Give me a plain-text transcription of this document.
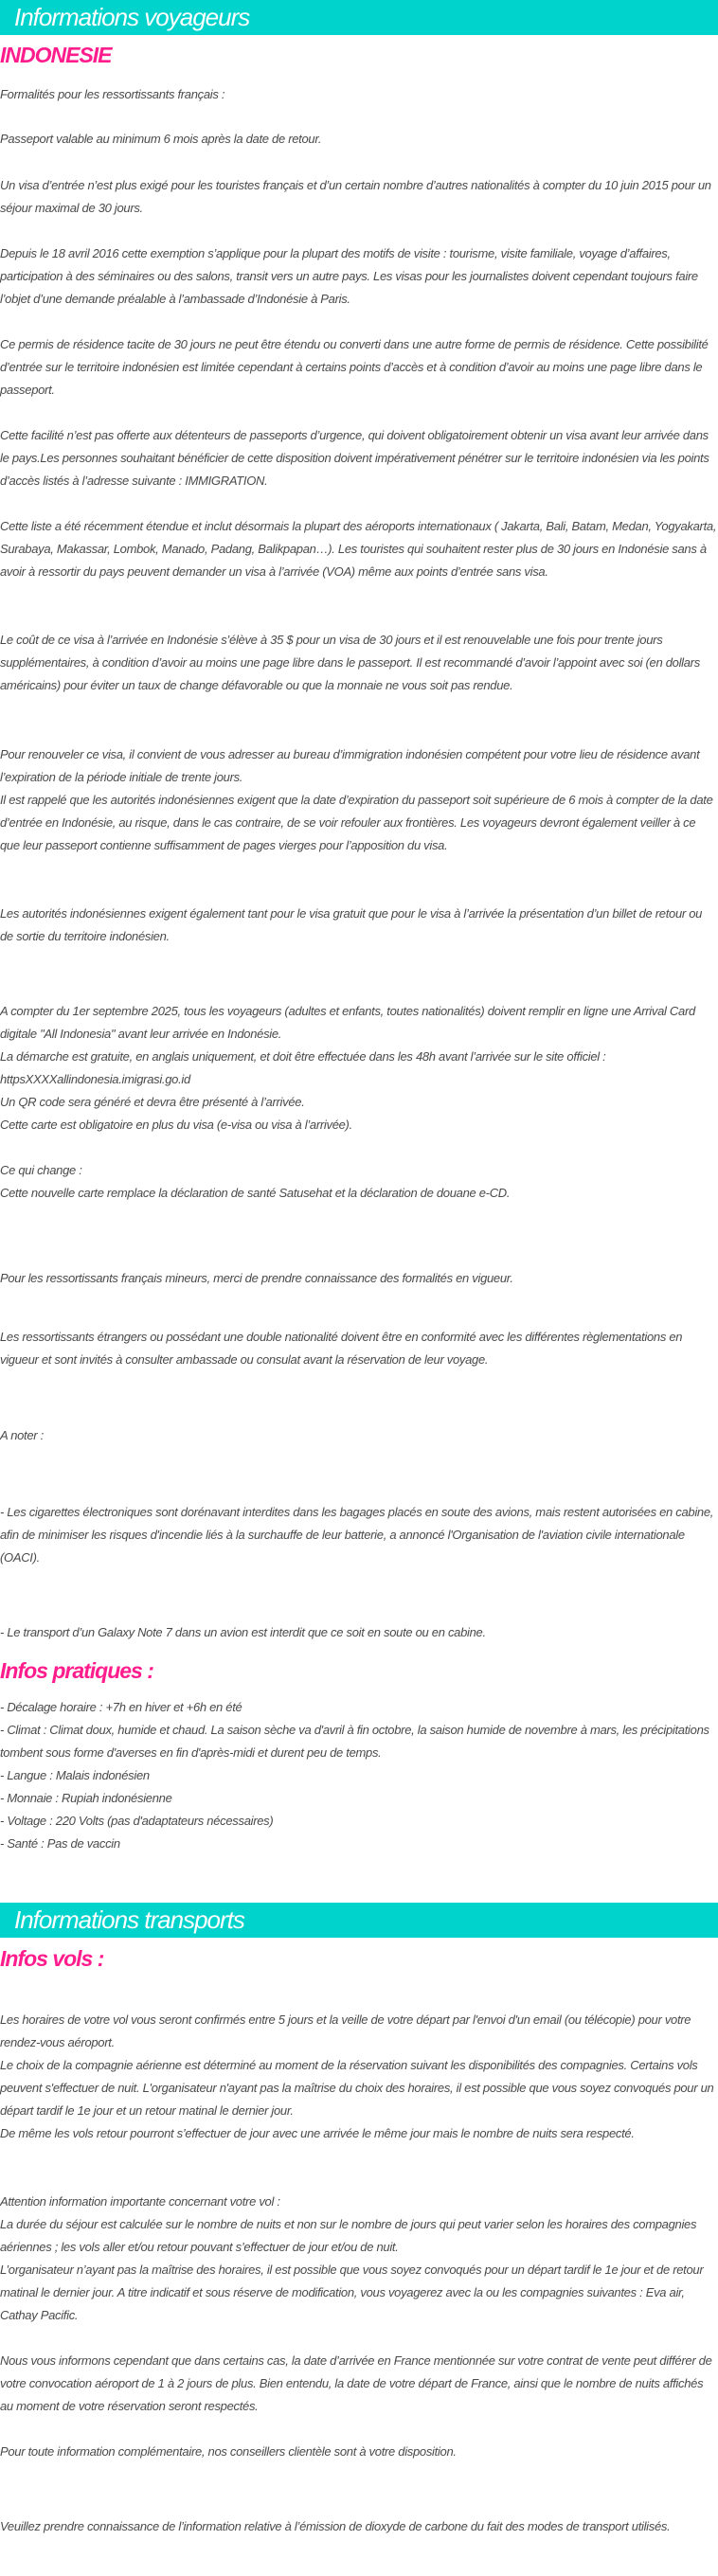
Informations voyageurs
INDONESIE
Formalités pour les ressortissants français :
Passeport valable au minimum 6 mois après la date de retour.
Un visa d’entrée n’est plus exigé pour les touristes français et d’un certain nombre d’autres nationalités à compter du 10 juin 2015 pour un séjour maximal de 30 jours.
Depuis le 18 avril 2016 cette exemption s’applique pour la plupart des motifs de visite : tourisme, visite familiale, voyage d’affaires, participation à des séminaires ou des salons, transit vers un autre pays. Les visas pour les journalistes doivent cependant toujours faire l’objet d’une demande préalable à l’ambassade d’Indonésie à Paris.
Ce permis de résidence tacite de 30 jours ne peut être étendu ou converti dans une autre forme de permis de résidence. Cette possibilité d’entrée sur le territoire indonésien est limitée cependant à certains points d’accès et à condition d’avoir au moins une page libre dans le passeport.
Cette facilité n’est pas offerte aux détenteurs de passeports d’urgence, qui doivent obligatoirement obtenir un visa avant leur arrivée dans le pays.Les personnes souhaitant bénéficier de cette disposition doivent impérativement pénétrer sur le territoire indonésien via les points d’accès listés à l’adresse suivante : IMMIGRATION.
Cette liste a été récemment étendue et inclut désormais la plupart des aéroports internationaux ( Jakarta, Bali, Batam, Medan, Yogyakarta, Surabaya, Makassar, Lombok, Manado, Padang, Balikpapan…). Les touristes qui souhaitent rester plus de 30 jours en Indonésie sans à avoir à ressortir du pays peuvent demander un visa à l’arrivée (VOA) même aux points d’entrée sans visa.
Le coût de ce visa à l’arrivée en Indonésie s’élève à 35 $ pour un visa de 30 jours et il est renouvelable une fois pour trente jours supplémentaires, à condition d’avoir au moins une page libre dans le passeport. Il est recommandé d’avoir l’appoint avec soi (en dollars américains) pour éviter un taux de change défavorable ou que la monnaie ne vous soit pas rendue.
Pour renouveler ce visa, il convient de vous adresser au bureau d’immigration indonésien compétent pour votre lieu de résidence avant l’expiration de la période initiale de trente jours.
Il est rappelé que les autorités indonésiennes exigent que la date d’expiration du passeport soit supérieure de 6 mois à compter de la date d’entrée en Indonésie, au risque, dans le cas contraire, de se voir refouler aux frontières. Les voyageurs devront également veiller à ce que leur passeport contienne suffisamment de pages vierges pour l’apposition du visa.
Les autorités indonésiennes exigent également tant pour le visa gratuit que pour le visa à l’arrivée la présentation d’un billet de retour ou de sortie du territoire indonésien.
A compter du 1er septembre 2025, tous les voyageurs (adultes et enfants, toutes nationalités) doivent remplir en ligne une Arrival Card digitale "All Indonesia" avant leur arrivée en Indonésie.
La démarche est gratuite, en anglais uniquement, et doit être effectuée dans les 48h avant l’arrivée sur le site officiel :
httpsXXXXallindonesia.imigrasi.go.id
Un QR code sera généré et devra être présenté à l’arrivée.
Cette carte est obligatoire en plus du visa (e-visa ou visa à l’arrivée).
Ce qui change :
Cette nouvelle carte remplace la déclaration de santé Satusehat et la déclaration de douane e-CD.
Pour les ressortissants français mineurs, merci de prendre connaissance des formalités en vigueur.
Les ressortissants étrangers ou possédant une double nationalité doivent être en conformité avec les différentes règlementations en vigueur et sont invités à consulter ambassade ou consulat avant la réservation de leur voyage.
A noter :
- Les cigarettes électroniques sont dorénavant interdites dans les bagages placés en soute des avions, mais restent autorisées en cabine, afin de minimiser les risques d'incendie liés à la surchauffe de leur batterie, a annoncé l'Organisation de l'aviation civile internationale (OACI).
- Le transport d’un Galaxy Note 7 dans un avion est interdit que ce soit en soute ou en cabine.
Infos pratiques :
- Décalage horaire : +7h en hiver et +6h en été
- Climat : Climat doux, humide et chaud. La saison sèche va d'avril à fin octobre, la saison humide de novembre à mars, les précipitations tombent sous forme d'averses en fin d'après-midi et durent peu de temps.
- Langue : Malais indonésien
- Monnaie : Rupiah indonésienne
- Voltage : 220 Volts (pas d'adaptateurs nécessaires)
- Santé : Pas de vaccin
Informations transports
Infos vols :
Les horaires de votre vol vous seront confirmés entre 5 jours et la veille de votre départ par l'envoi d'un email (ou télécopie) pour votre rendez-vous aéroport.
Le choix de la compagnie aérienne est déterminé au moment de la réservation suivant les disponibilités des compagnies. Certains vols peuvent s'effectuer de nuit. L'organisateur n'ayant pas la maîtrise du choix des horaires, il est possible que vous soyez convoqués pour un départ tardif le 1e jour et un retour matinal le dernier jour.
De même les vols retour pourront s’effectuer de jour avec une arrivée le même jour mais le nombre de nuits sera respecté.
Attention information importante concernant votre vol :
La durée du séjour est calculée sur le nombre de nuits et non sur le nombre de jours qui peut varier selon les horaires des compagnies aériennes ; les vols aller et/ou retour pouvant s’effectuer de jour et/ou de nuit.
L’organisateur n’ayant pas la maîtrise des horaires, il est possible que vous soyez convoqués pour un départ tardif le 1e jour et de retour matinal le dernier jour. A titre indicatif et sous réserve de modification, vous voyagerez avec la ou les compagnies suivantes : Eva air, Cathay Pacific.
Nous vous informons cependant que dans certains cas, la date d’arrivée en France mentionnée sur votre contrat de vente peut différer de votre convocation aéroport de 1 à 2 jours de plus. Bien entendu, la date de votre départ de France, ainsi que le nombre de nuits affichés au moment de votre réservation seront respectés.
Pour toute information complémentaire, nos conseillers clientèle sont à votre disposition.
Veuillez prendre connaissance de l’information relative à l’émission de dioxyde de carbone du fait des modes de transport utilisés.
